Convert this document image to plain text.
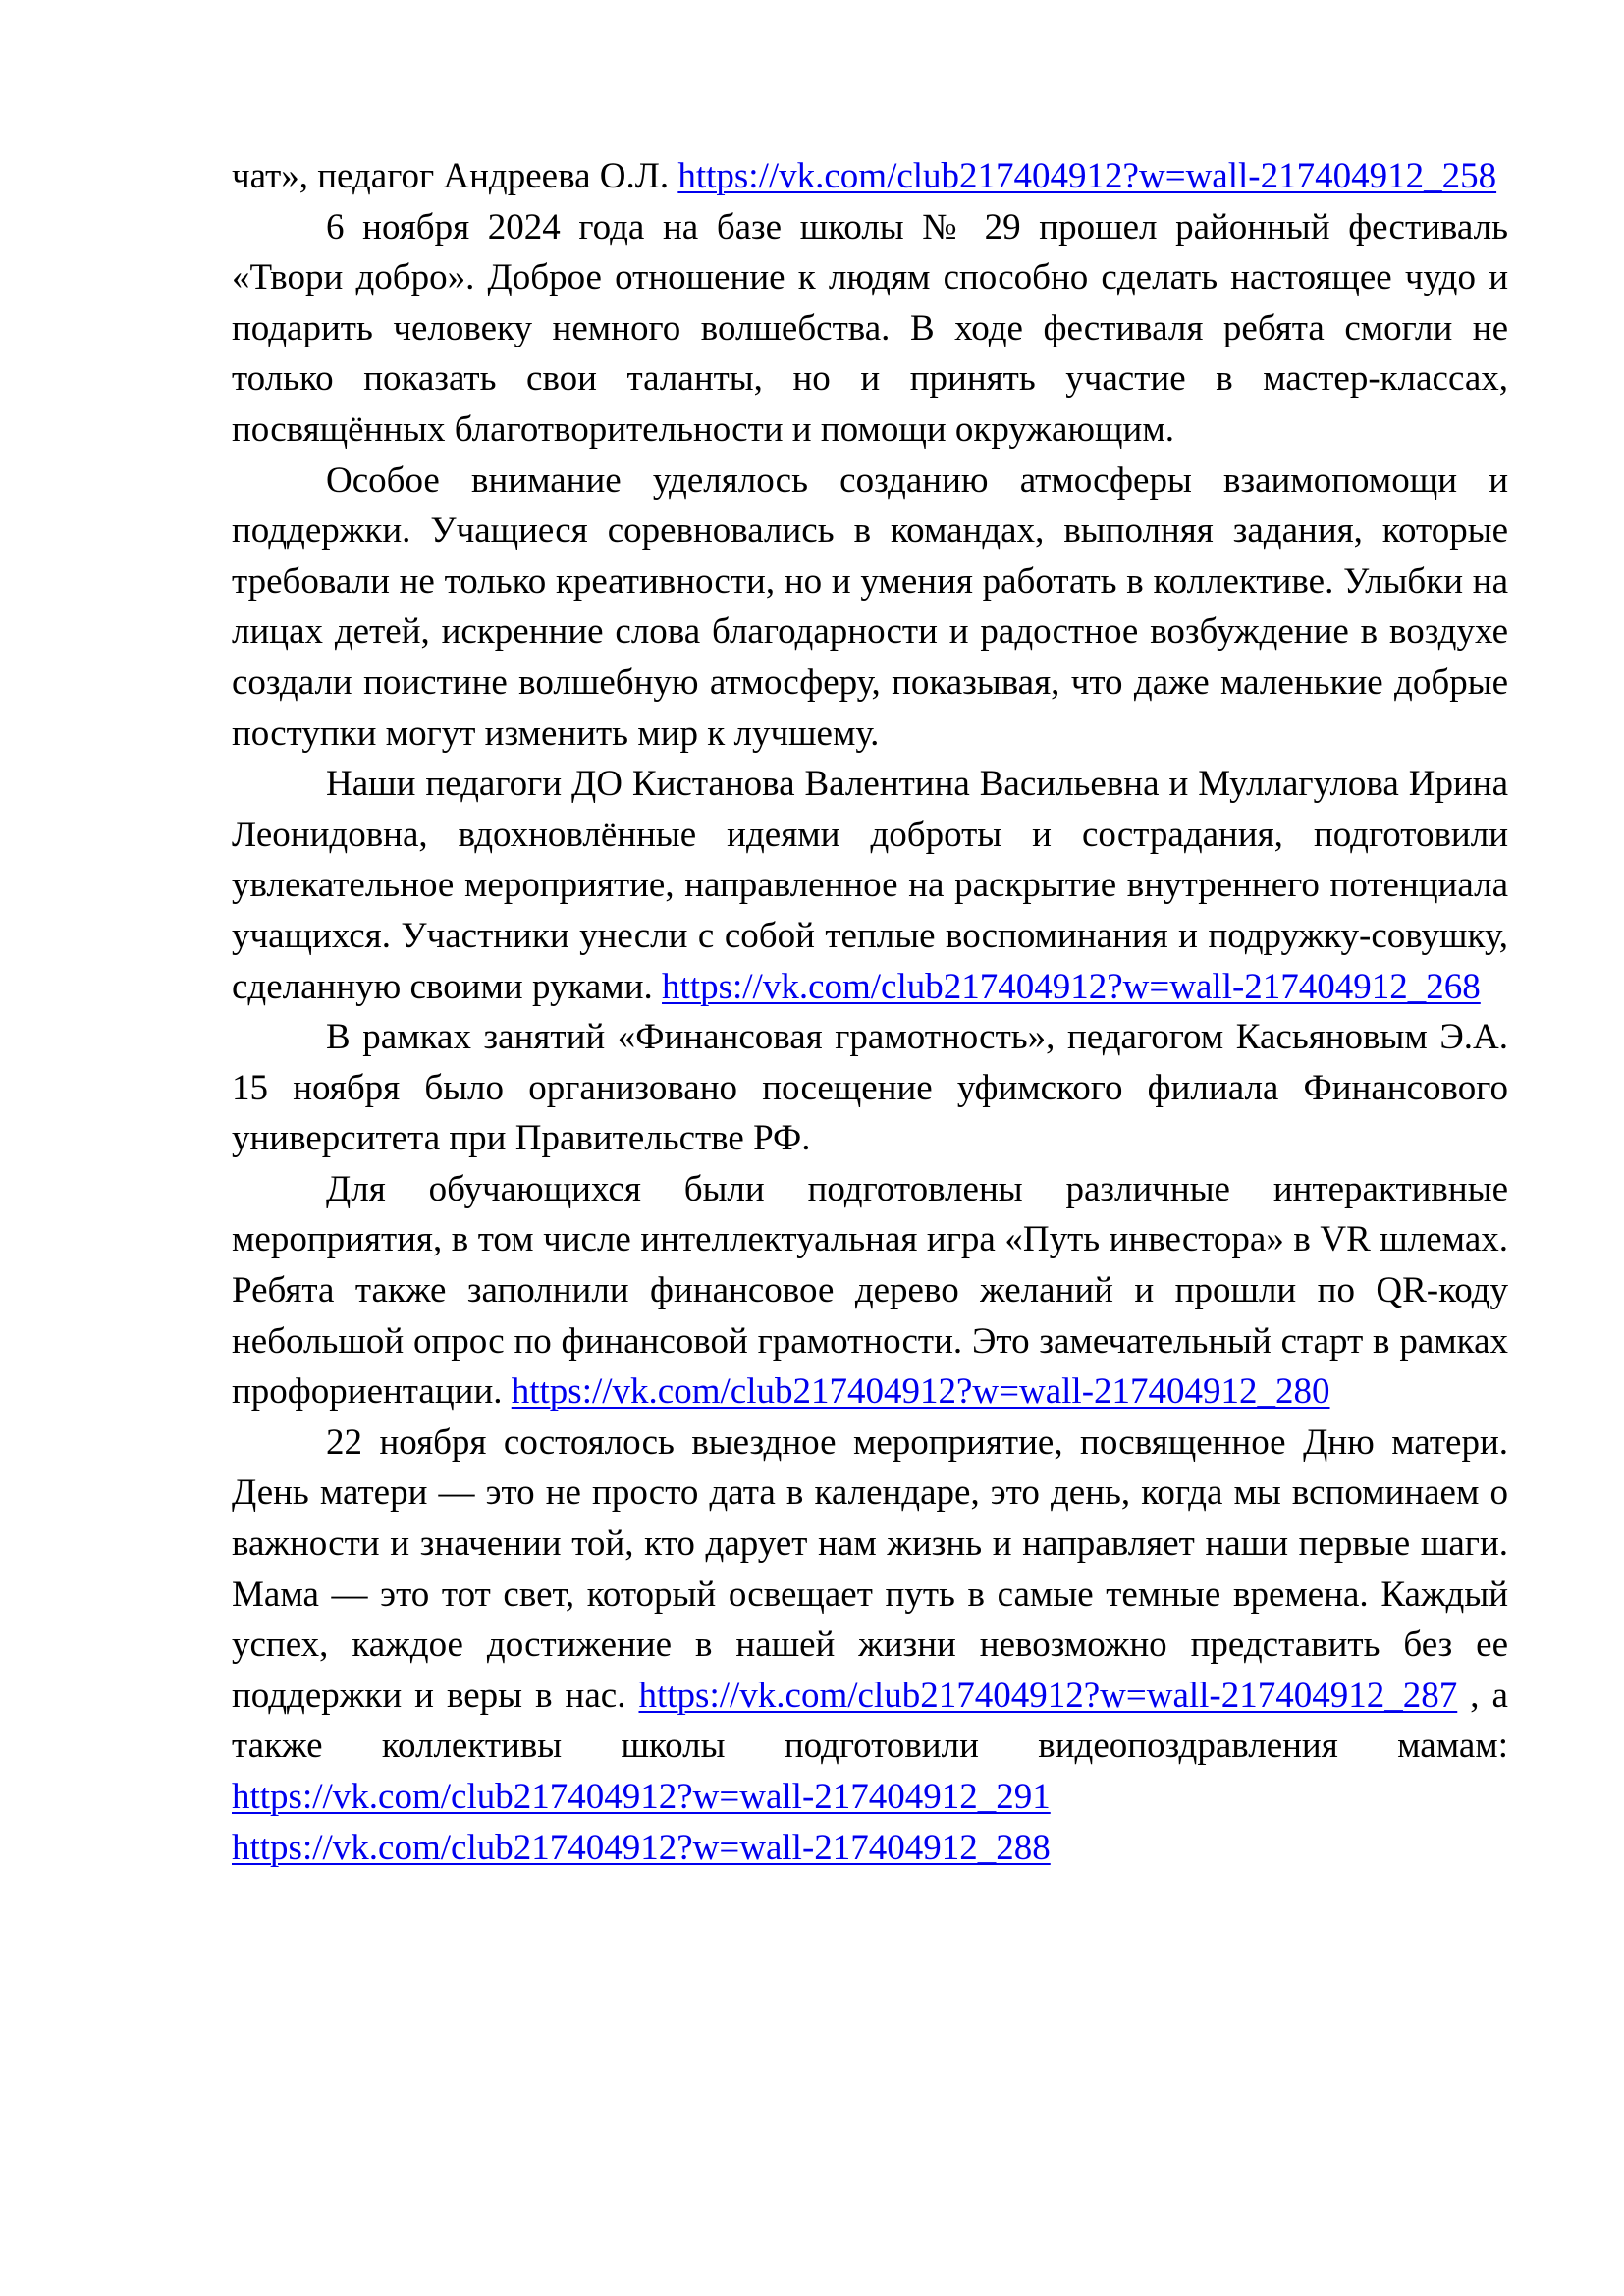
чат», педагог Андреева О.Л. https://vk.com/club217404912?w=wall-217404912_258

6 ноября 2024 года на базе школы № 29 прошел районный фестиваль «Твори добро». Доброе отношение к людям способно сделать настоящее чудо и подарить человеку немного волшебства. В ходе фестиваля ребята смогли не только показать свои таланты, но и принять участие в мастер-классах, посвящённых благотворительности и помощи окружающим.

Особое внимание уделялось созданию атмосферы взаимопомощи и поддержки. Учащиеся соревновались в командах, выполняя задания, которые требовали не только креативности, но и умения работать в коллективе. Улыбки на лицах детей, искренние слова благодарности и радостное возбуждение в воздухе создали поистине волшебную атмосферу, показывая, что даже маленькие добрые поступки могут изменить мир к лучшему.

Наши педагоги ДО Кистанова Валентина Васильевна и Муллагулова Ирина Леонидовна, вдохновлённые идеями доброты и сострадания, подготовили увлекательное мероприятие, направленное на раскрытие внутреннего потенциала учащихся. Участники унесли с собой теплые воспоминания и подружку-совушку, сделанную своими руками. https://vk.com/club217404912?w=wall-217404912_268

В рамках занятий «Финансовая грамотность», педагогом Касьяновым Э.А. 15 ноября было организовано посещение уфимского филиала Финансового университета при Правительстве РФ.

Для обучающихся были подготовлены различные интерактивные мероприятия, в том числе интеллектуальная игра «Путь инвестора» в VR шлемах. Ребята также заполнили финансовое дерево желаний и прошли по QR-коду небольшой опрос по финансовой грамотности. Это замечательный старт в рамках профориентации. https://vk.com/club217404912?w=wall-217404912_280

22 ноября состоялось выездное мероприятие, посвященное Дню матери. День матери — это не просто дата в календаре, это день, когда мы вспоминаем о важности и значении той, кто дарует нам жизнь и направляет наши первые шаги. Мама — это тот свет, который освещает путь в самые темные времена. Каждый успех, каждое достижение в нашей жизни невозможно представить без ее поддержки и веры в нас. https://vk.com/club217404912?w=wall-217404912_287 , а также коллективы школы подготовили видеопоздравления мамам: https://vk.com/club217404912?w=wall-217404912_291

https://vk.com/club217404912?w=wall-217404912_288
